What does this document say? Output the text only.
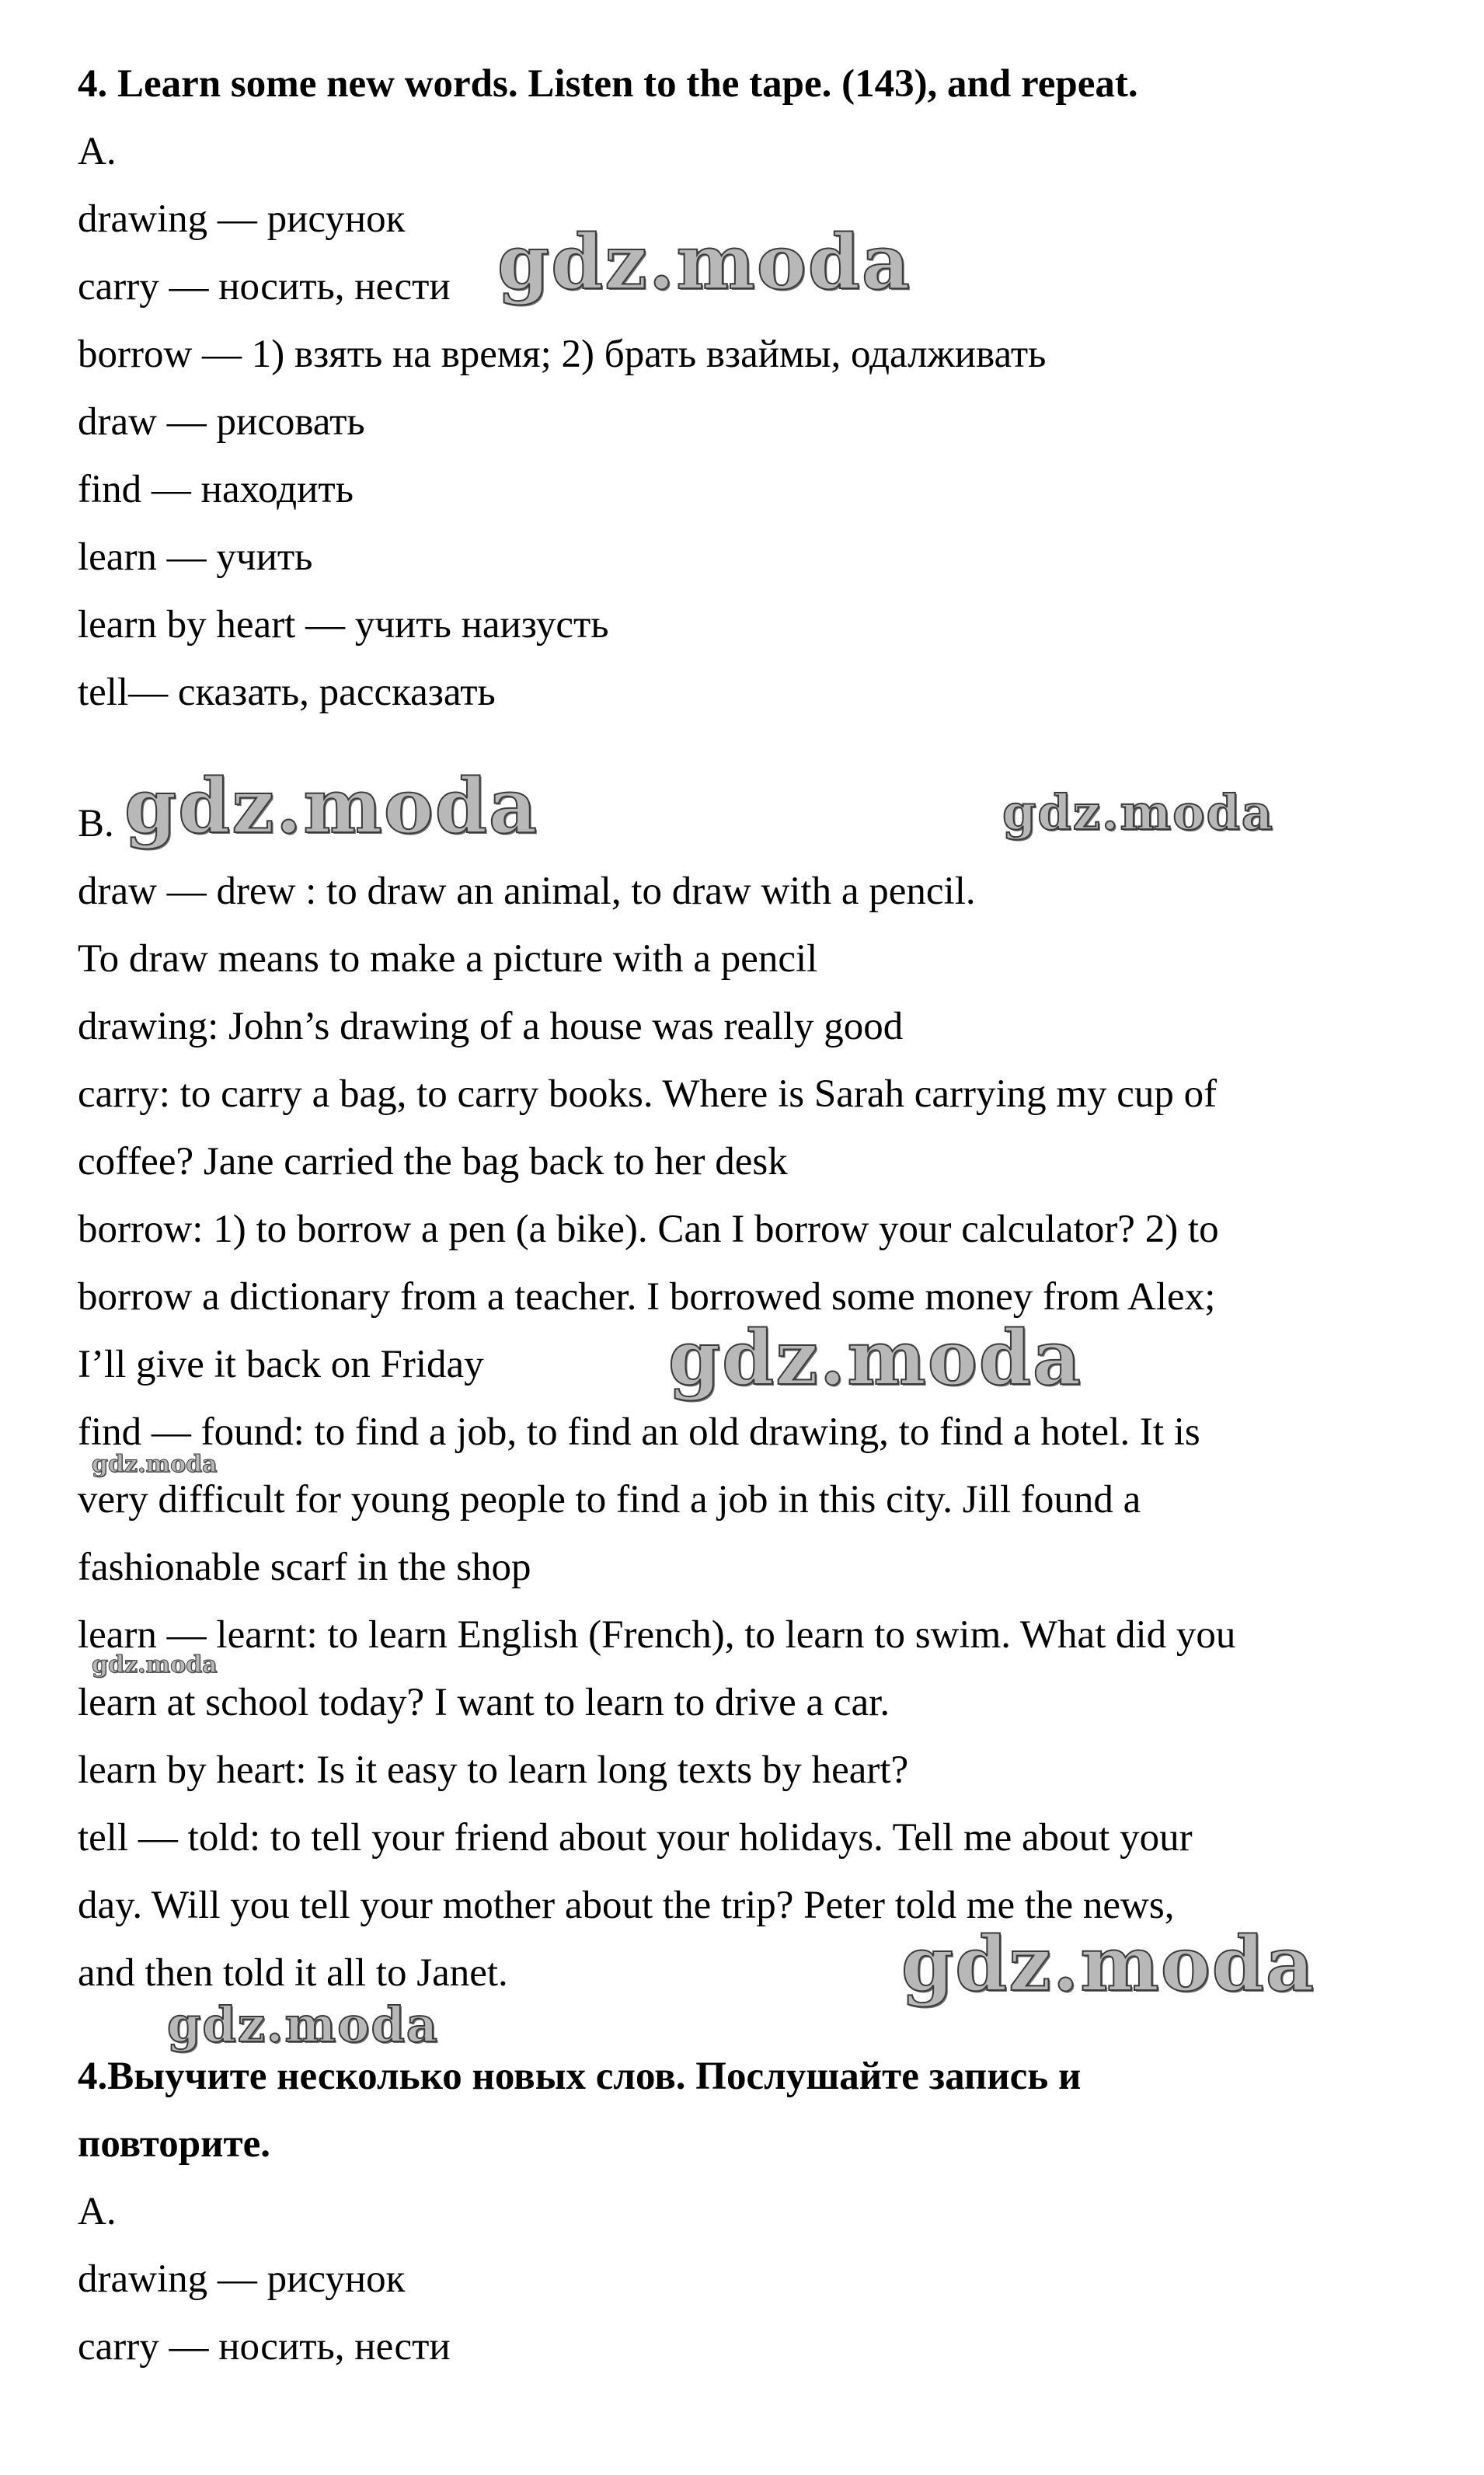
4. Learn some new words. Listen to the tape. (143), and repeat.
A.
drawing — рисунок
carry — носить, нести
borrow — 1) взять на время; 2) брать взаймы, одалживать
draw — рисовать
find — находить
learn — учить
learn by heart — учить наизусть
tell— сказать, рассказать
B.
draw — drew : to draw an animal, to draw with a pencil.
To draw means to make a picture with a pencil
drawing: John’s drawing of a house was really good
carry: to carry a bag, to carry books. Where is Sarah carrying my cup of
coffee? Jane carried the bag back to her desk
borrow: 1) to borrow a pen (a bike). Can I borrow your calculator? 2) to
borrow a dictionary from a teacher. I borrowed some money from Alex;
I’ll give it back on Friday
find — found: to find a job, to find an old drawing, to find a hotel. It is
very difficult for young people to find a job in this city. Jill found a
fashionable scarf in the shop
learn — learnt: to learn English (French), to learn to swim. What did you
learn at school today? I want to learn to drive a car.
learn by heart: Is it easy to learn long texts by heart?
tell — told: to tell your friend about your holidays. Tell me about your
day. Will you tell your mother about the trip? Peter told me the news,
and then told it all to Janet.
4.Выучите несколько новых слов. Послушайте запись и
повторите.
A.
drawing — рисунок
carry — носить, нести
gdz.moda
gdz.moda	gdz.moda
gdz.moda
gdz.moda
gdz.moda
gdz.moda
gdz.moda
